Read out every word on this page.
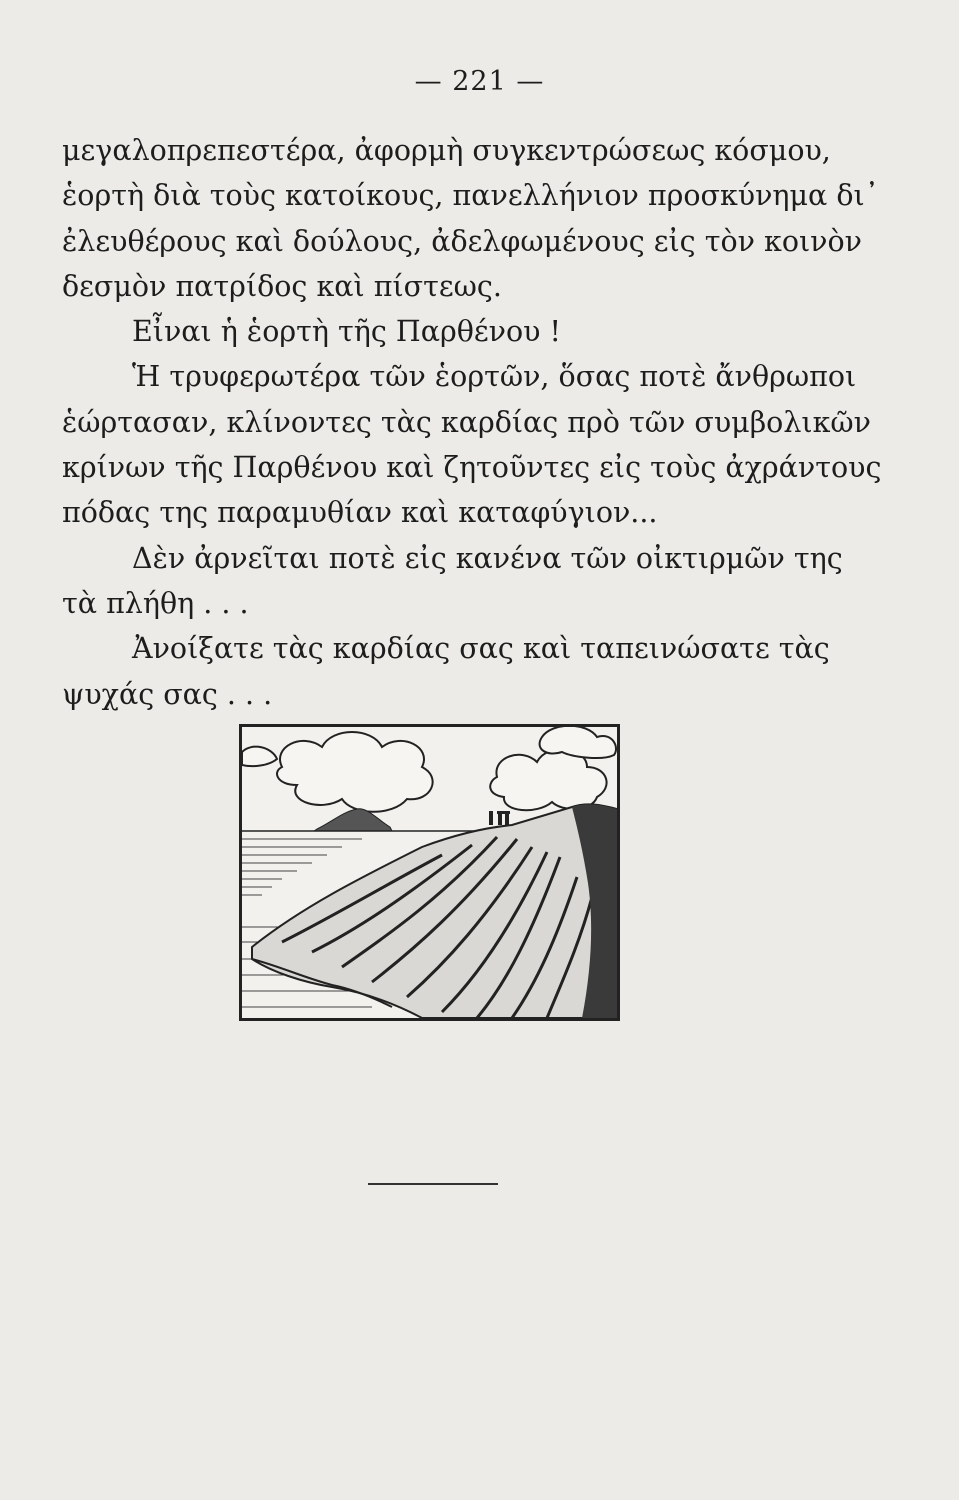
— 221 —
μεγαλοπρεπεστέρα, ἀφορμὴ συγκεντρώσεως κόσμου,
ἑορτὴ διὰ τοὺς κατοίκους, πανελλήνιον προσκύνημα δι᾽
ἐλευθέρους καὶ δούλους, ἀδελφωμένους εἰς τὸν κοινὸν
δεσμὸν πατρίδος καὶ πίστεως.
Εἶναι ἡ ἑορτὴ τῆς Παρθένου !
Ἡ τρυφερωτέρα τῶν ἑορτῶν, ὅσας ποτὲ ἄνθρωποι
ἑώρτασαν, κλίνοντες τὰς καρδίας πρὸ τῶν συμβολικῶν
κρίνων τῆς Παρθένου καὶ ζητοῦντες εἰς τοὺς ἀχράντους
πόδας της παραμυθίαν καὶ καταφύγιον...
Δὲν ἀρνεῖται ποτὲ εἰς κανένα τῶν οἰκτιρμῶν της
τὰ πλήθη . . .
Ἀνοίξατε τὰς καρδίας σας καὶ ταπεινώσατε τὰς
ψυχάς σας . . .
